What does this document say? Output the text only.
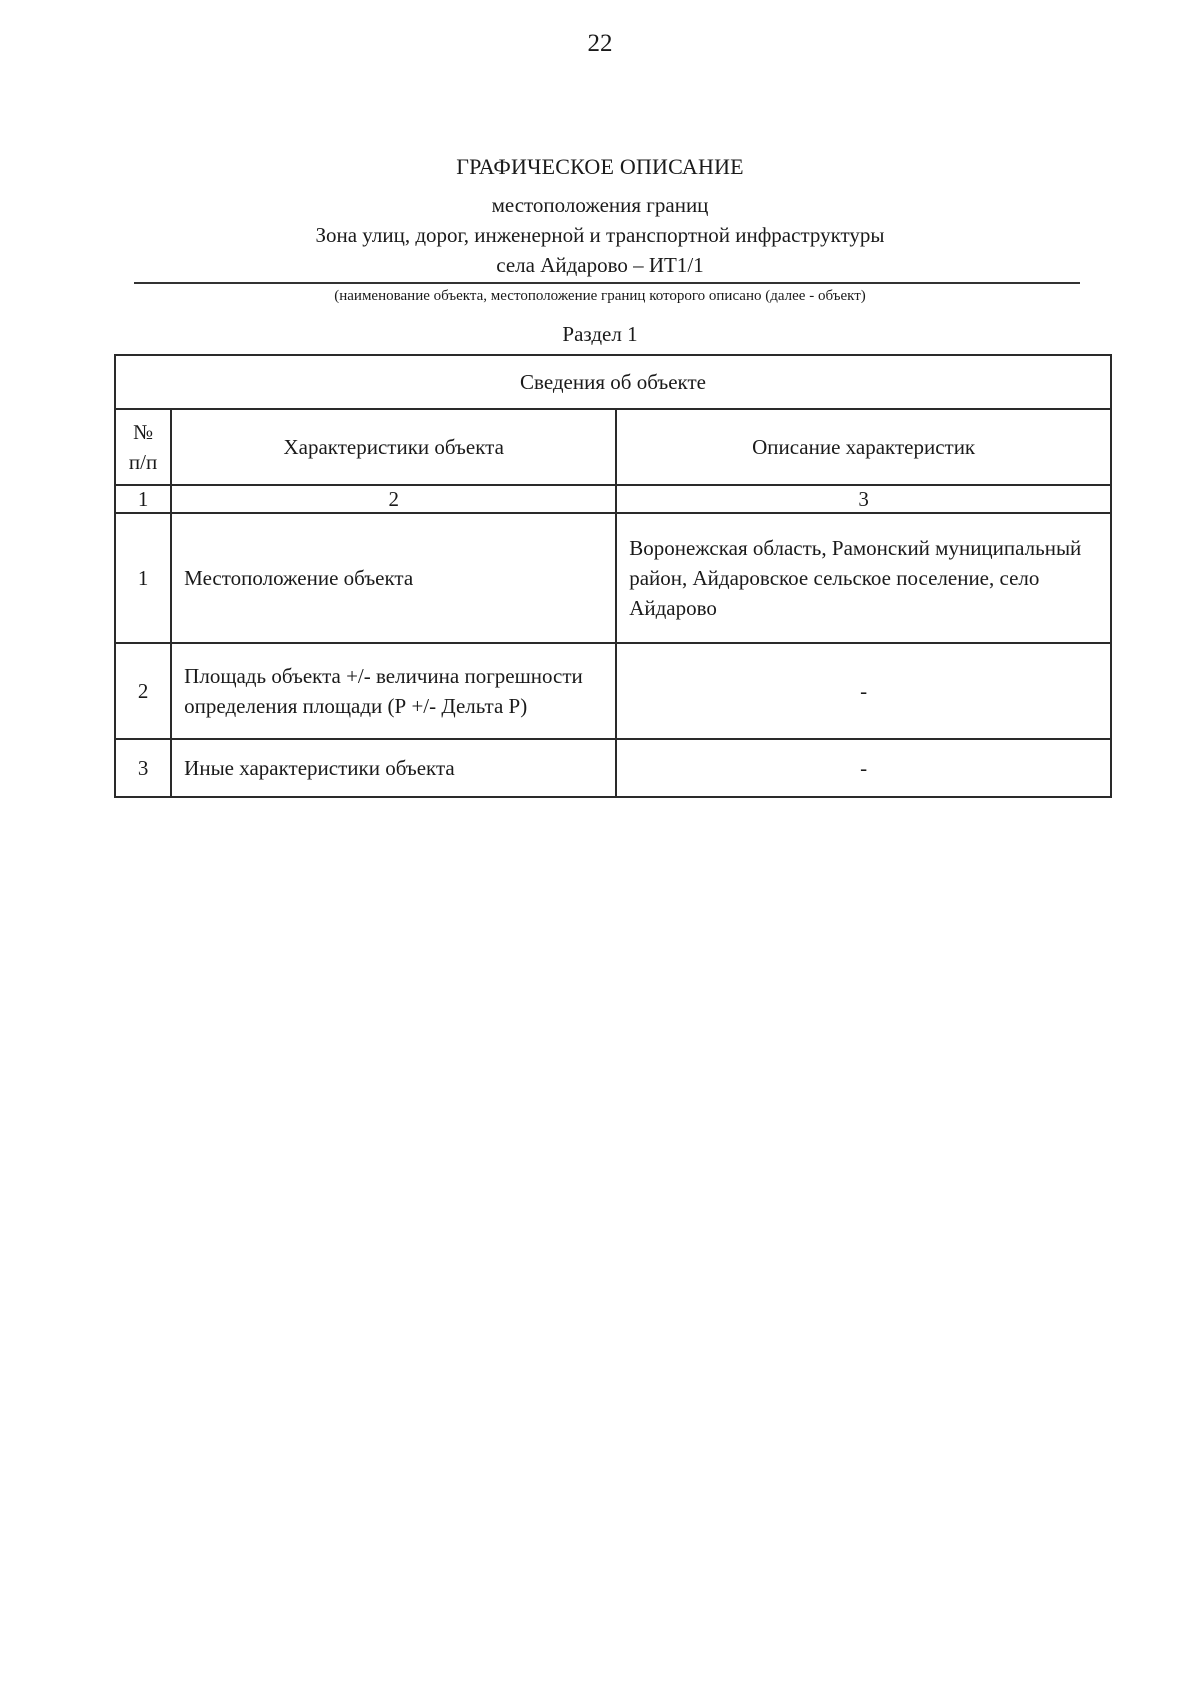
22
ГРАФИЧЕСКОЕ ОПИСАНИЕ
местоположения границ
Зона улиц, дорог, инженерной и транспортной инфраструктуры
села Айдарово – ИТ1/1
(наименование объекта, местоположение границ которого описано (далее - объект)
Раздел 1
Сведения об объекте		
№ п/п	Характеристики объекта	Описание характеристик
1	2	3
1	Местоположение объекта	Воронежская область, Рамонский муниципальный район, Айдаровское сельское поселение, село Айдарово
2	Площадь объекта +/- величина погрешности определения площади (Р +/- Дельта Р)	-
3	Иные характеристики объекта	-
